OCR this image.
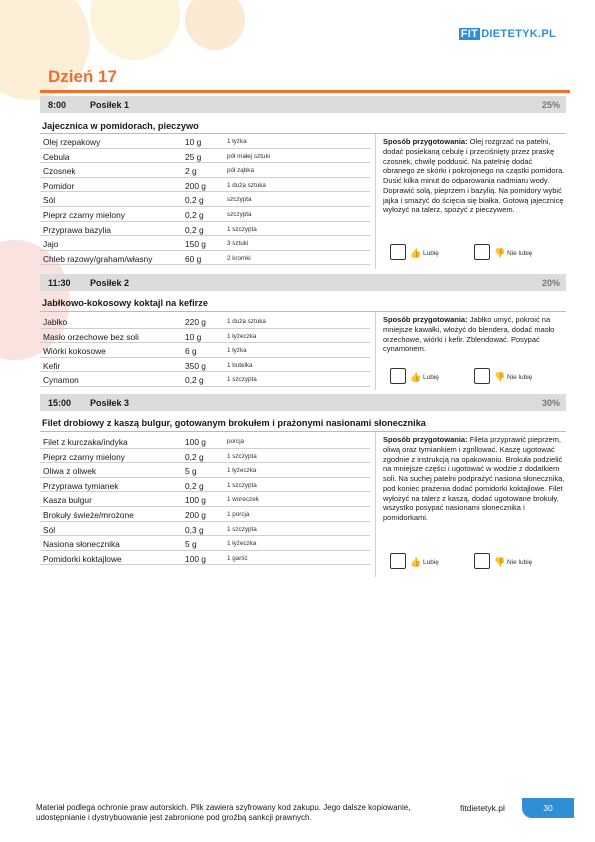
FIT DIETETYK.PL
Dzień 17
8:00	Posiłek 1	25%
Jajecznica w pomidorach, pieczywo
Olej rzepakowy	10 g	1 łyżka
Cebula	25 g	pół małej sztuki
Czosnek	2 g	pół ząbka
Pomidor	200 g	1 duża sztuka
Sól	0,2 g	szczypta
Pieprz czarny mielony	0,2 g	szczypta
Przyprawa bazylia	0,2 g	1 szczypta
Jajo	150 g	3 sztuki
Chleb razowy/graham/własny	60 g	2 kromki
Sposób przygotowania: Olej rozgrzać na patelni, dodać posiekaną cebulę i przeciśnięty przez praskę czosnek, chwilę poddusić. Na patelnię dodać obranego ze skórki i pokrojonego na cząstki pomidora. Dusić kilka minut do odparowania nadmiaru wody. Doprawić solą, pieprzem i bazylią. Na pomidory wybić jajka i smażyć do ścięcia się białka. Gotową jajecznicę wyłożyć na talerz, spożyć z pieczywem.
👍 Lubię	👎 Nie lubię
11:30 Posiłek 2	20%
Jabłkowo-kokosowy koktajl na kefirze
Jabłko	220 g	1 duża sztuka
Masło orzechowe bez soli	10 g	1 łyżeczka
Wiórki kokosowe	6 g	1 łyżka
Kefir	350 g	1 butelka
Cynamon	0,2 g	1 szczypta
Sposób przygotowania: Jabłko umyć, pokroić na mniejsze kawałki, włożyć do blendera, dodać masło orzechowe, wiórki i kefir. Zblendować. Posypać cynamonem.
👍 Lubię	👎 Nie lubię
15:00 Posiłek 3	30%
Filet drobiowy z kaszą bulgur, gotowanym brokułem i prażonymi nasionami słonecznika
Filet z kurczaka/indyka	100 g	porcja
Pieprz czarny mielony	0,2 g	1 szczypta
Oliwa z oliwek	5 g	1 łyżeczka
Przyprawa tymianek	0,2 g	1 szczypta
Kasza bulgur	100 g	1 woreczek
Brokuły świeże/mrożone	200 g	1 porcja
Sól	0,3 g	1 szczypta
Nasiona słonecznika	5 g	1 łyżeczka
Pomidorki koktajlowe	100 g	1 garść
Sposób przygotowania: Fileta przyprawić pieprzem, oliwą oraz tymiankiem i zgrillować. Kaszę ugotować zgodnie z instrukcją na opakowaniu. Brokuła podzielić na mniejsze części i ugotować w wodzie z dodatkiem soli. Na suchej patelni podprażyć nasiona słonecznika, pod koniec prażenia dodać pomidorki koktajlowe. Filet wyłożyć na talerz z kaszą, dodać ugotowane brokuły, wszystko posypać nasionami słonecznika i pomidorkami.
👍 Lubię	👎 Nie lubię
Materiał podlega ochronie praw autorskich. Plik zawiera szyfrowany kod zakupu. Jego dalsze kopiowanie, udostępnianie i dystrybuowanie jest zabronione pod groźbą sankcji prawnych.
fitdietetyk.pl	30
